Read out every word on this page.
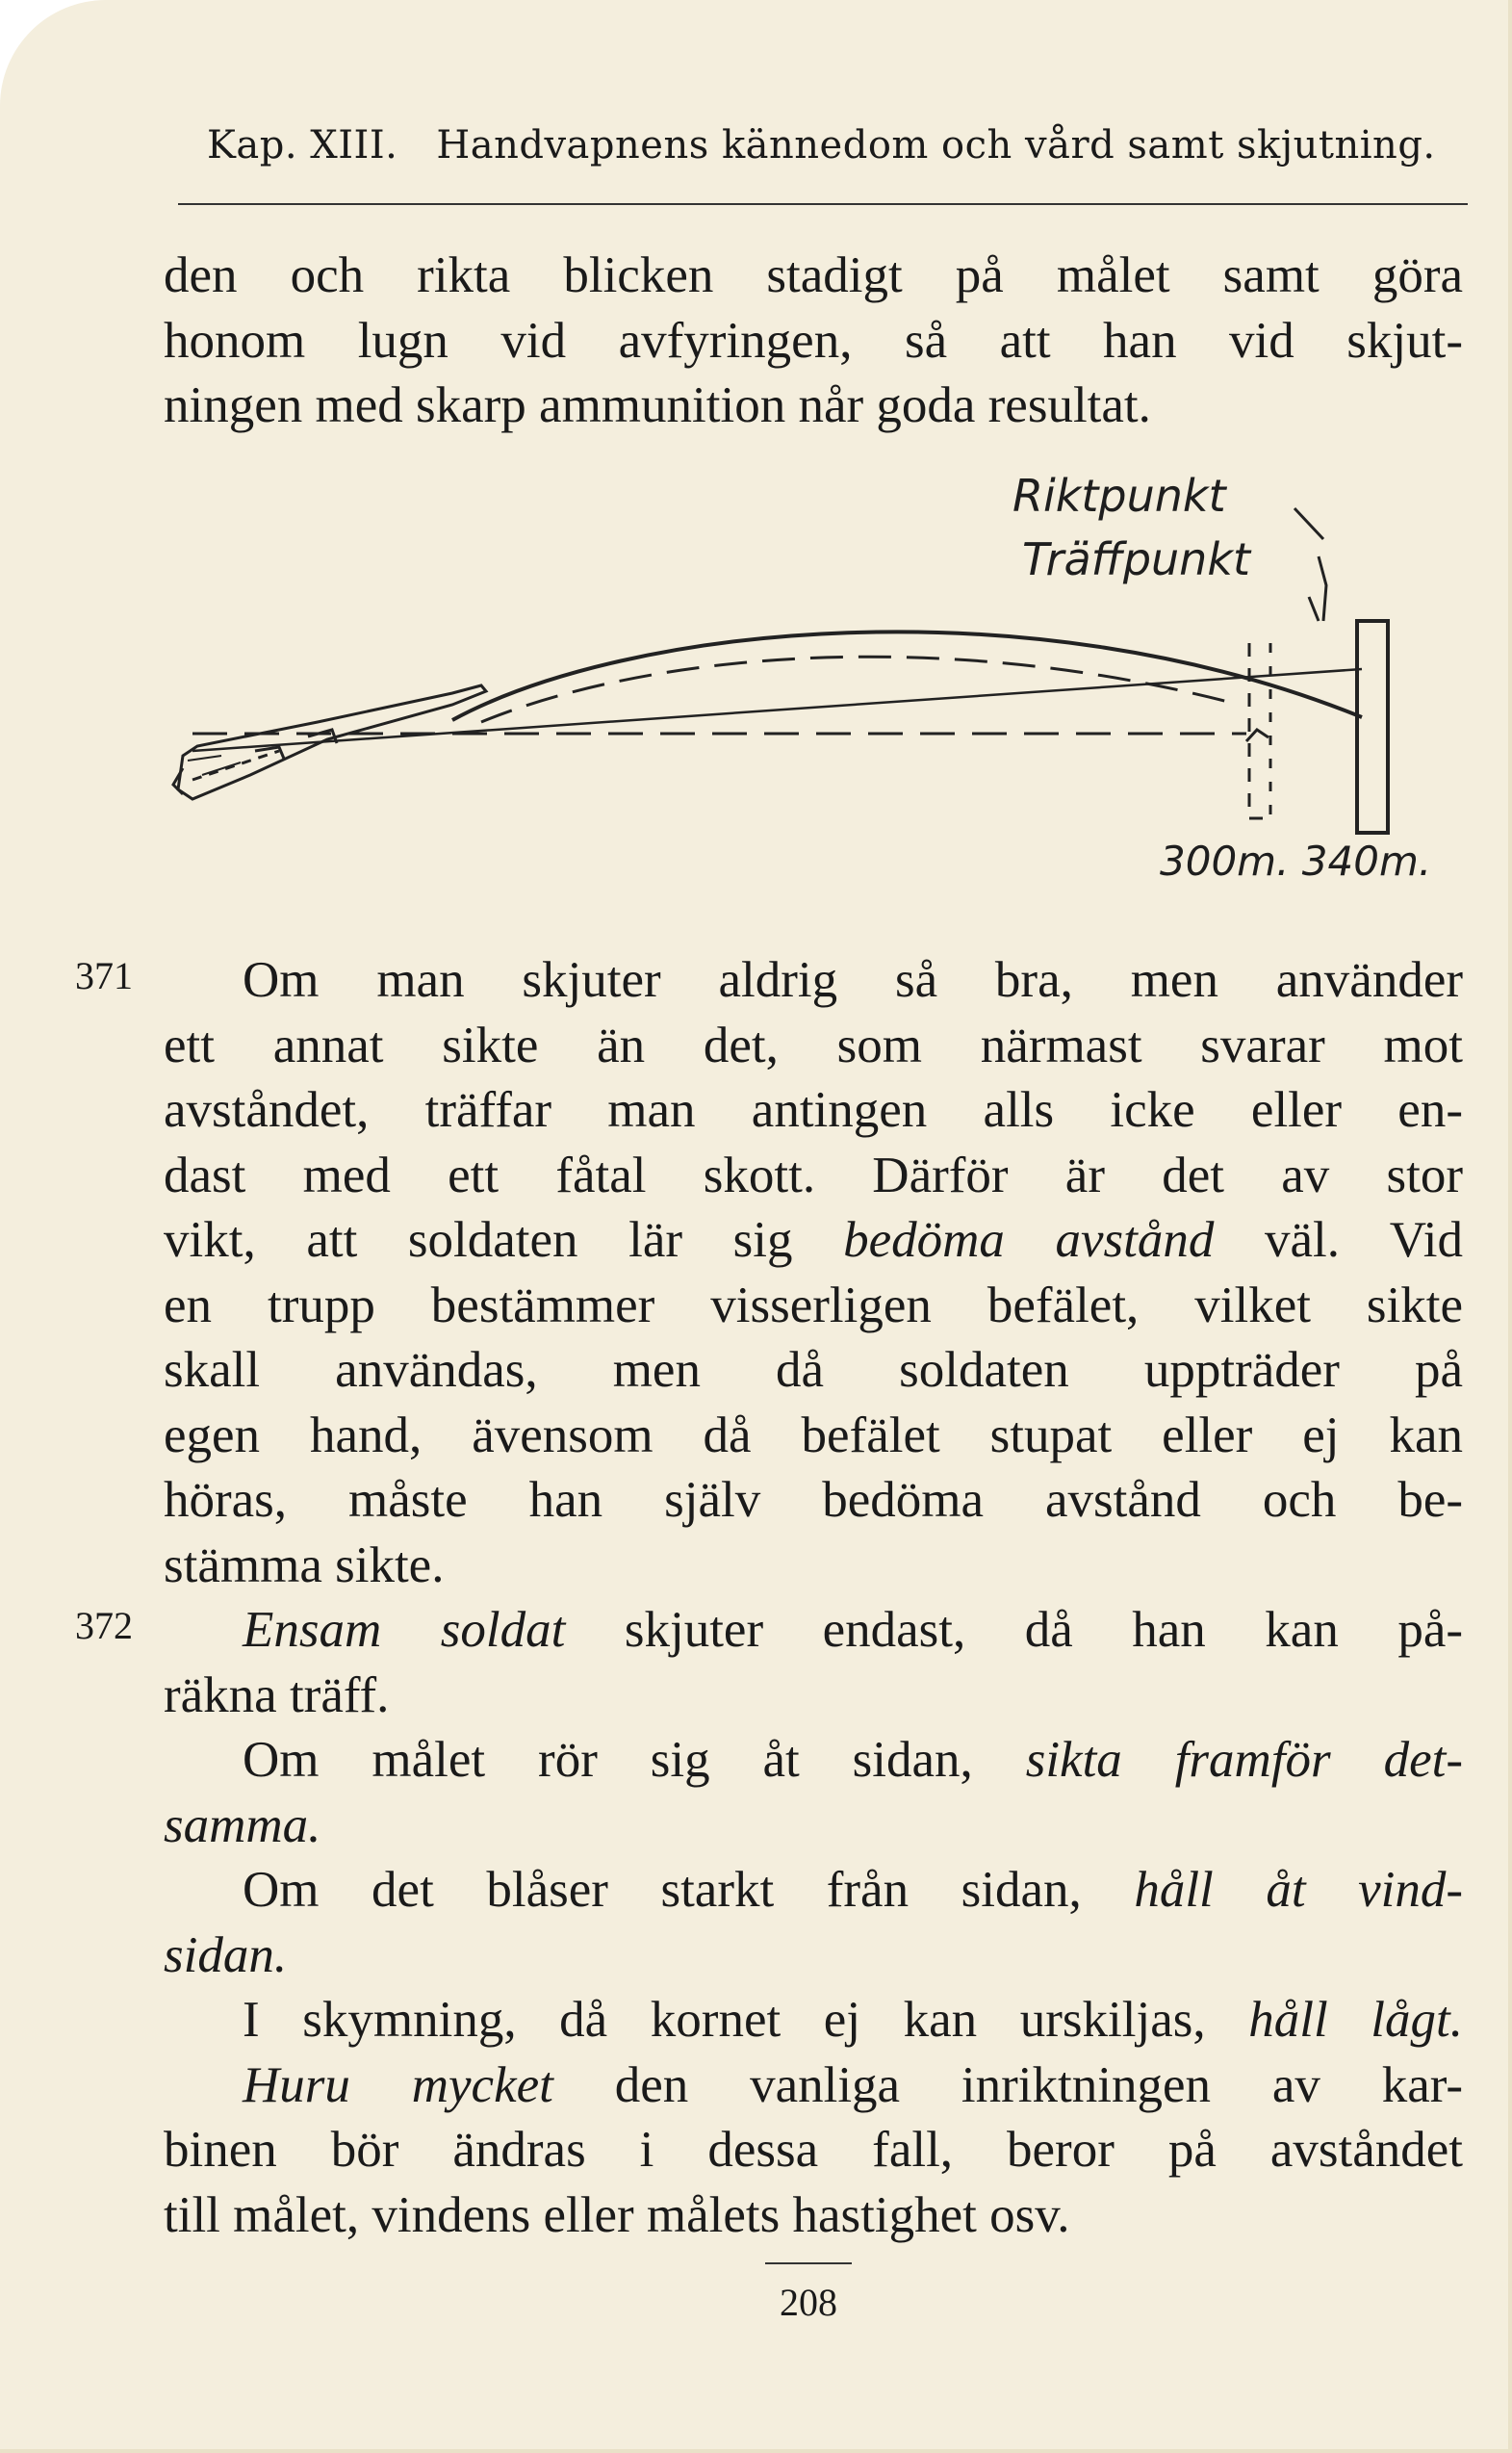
Kap. XIII. Handvapnens kännedom och vård samt skjutning.
den och rikta blicken stadigt på målet samt göra
honom lugn vid avfyringen, så att han vid skjut-
ningen med skarp ammunition når goda resultat.
Riktpunkt
Träffpunkt
300m. 340m.
371	Om man skjuter aldrig så bra, men använder
ett annat sikte än det, som närmast svarar mot
avståndet, träffar man antingen alls icke eller en-
dast med ett fåtal skott. Därför är det av stor
vikt, att soldaten lär sig bedöma avstånd väl. Vid
en trupp bestämmer visserligen befälet, vilket sikte
skall användas, men då soldaten uppträder på
egen hand, ävensom då befälet stupat eller ej kan
höras, måste han själv bedöma avstånd och be-
stämma sikte.
372	Ensam soldat skjuter endast, då han kan på-
räkna träff.
Om målet rör sig åt sidan, sikta framför det-
samma.
Om det blåser starkt från sidan, håll åt vind-
sidan.
I skymning, då kornet ej kan urskiljas, håll lågt.
Huru mycket den vanliga inriktningen av kar-
binen bör ändras i dessa fall, beror på avståndet
till målet, vindens eller målets hastighet osv.
208
